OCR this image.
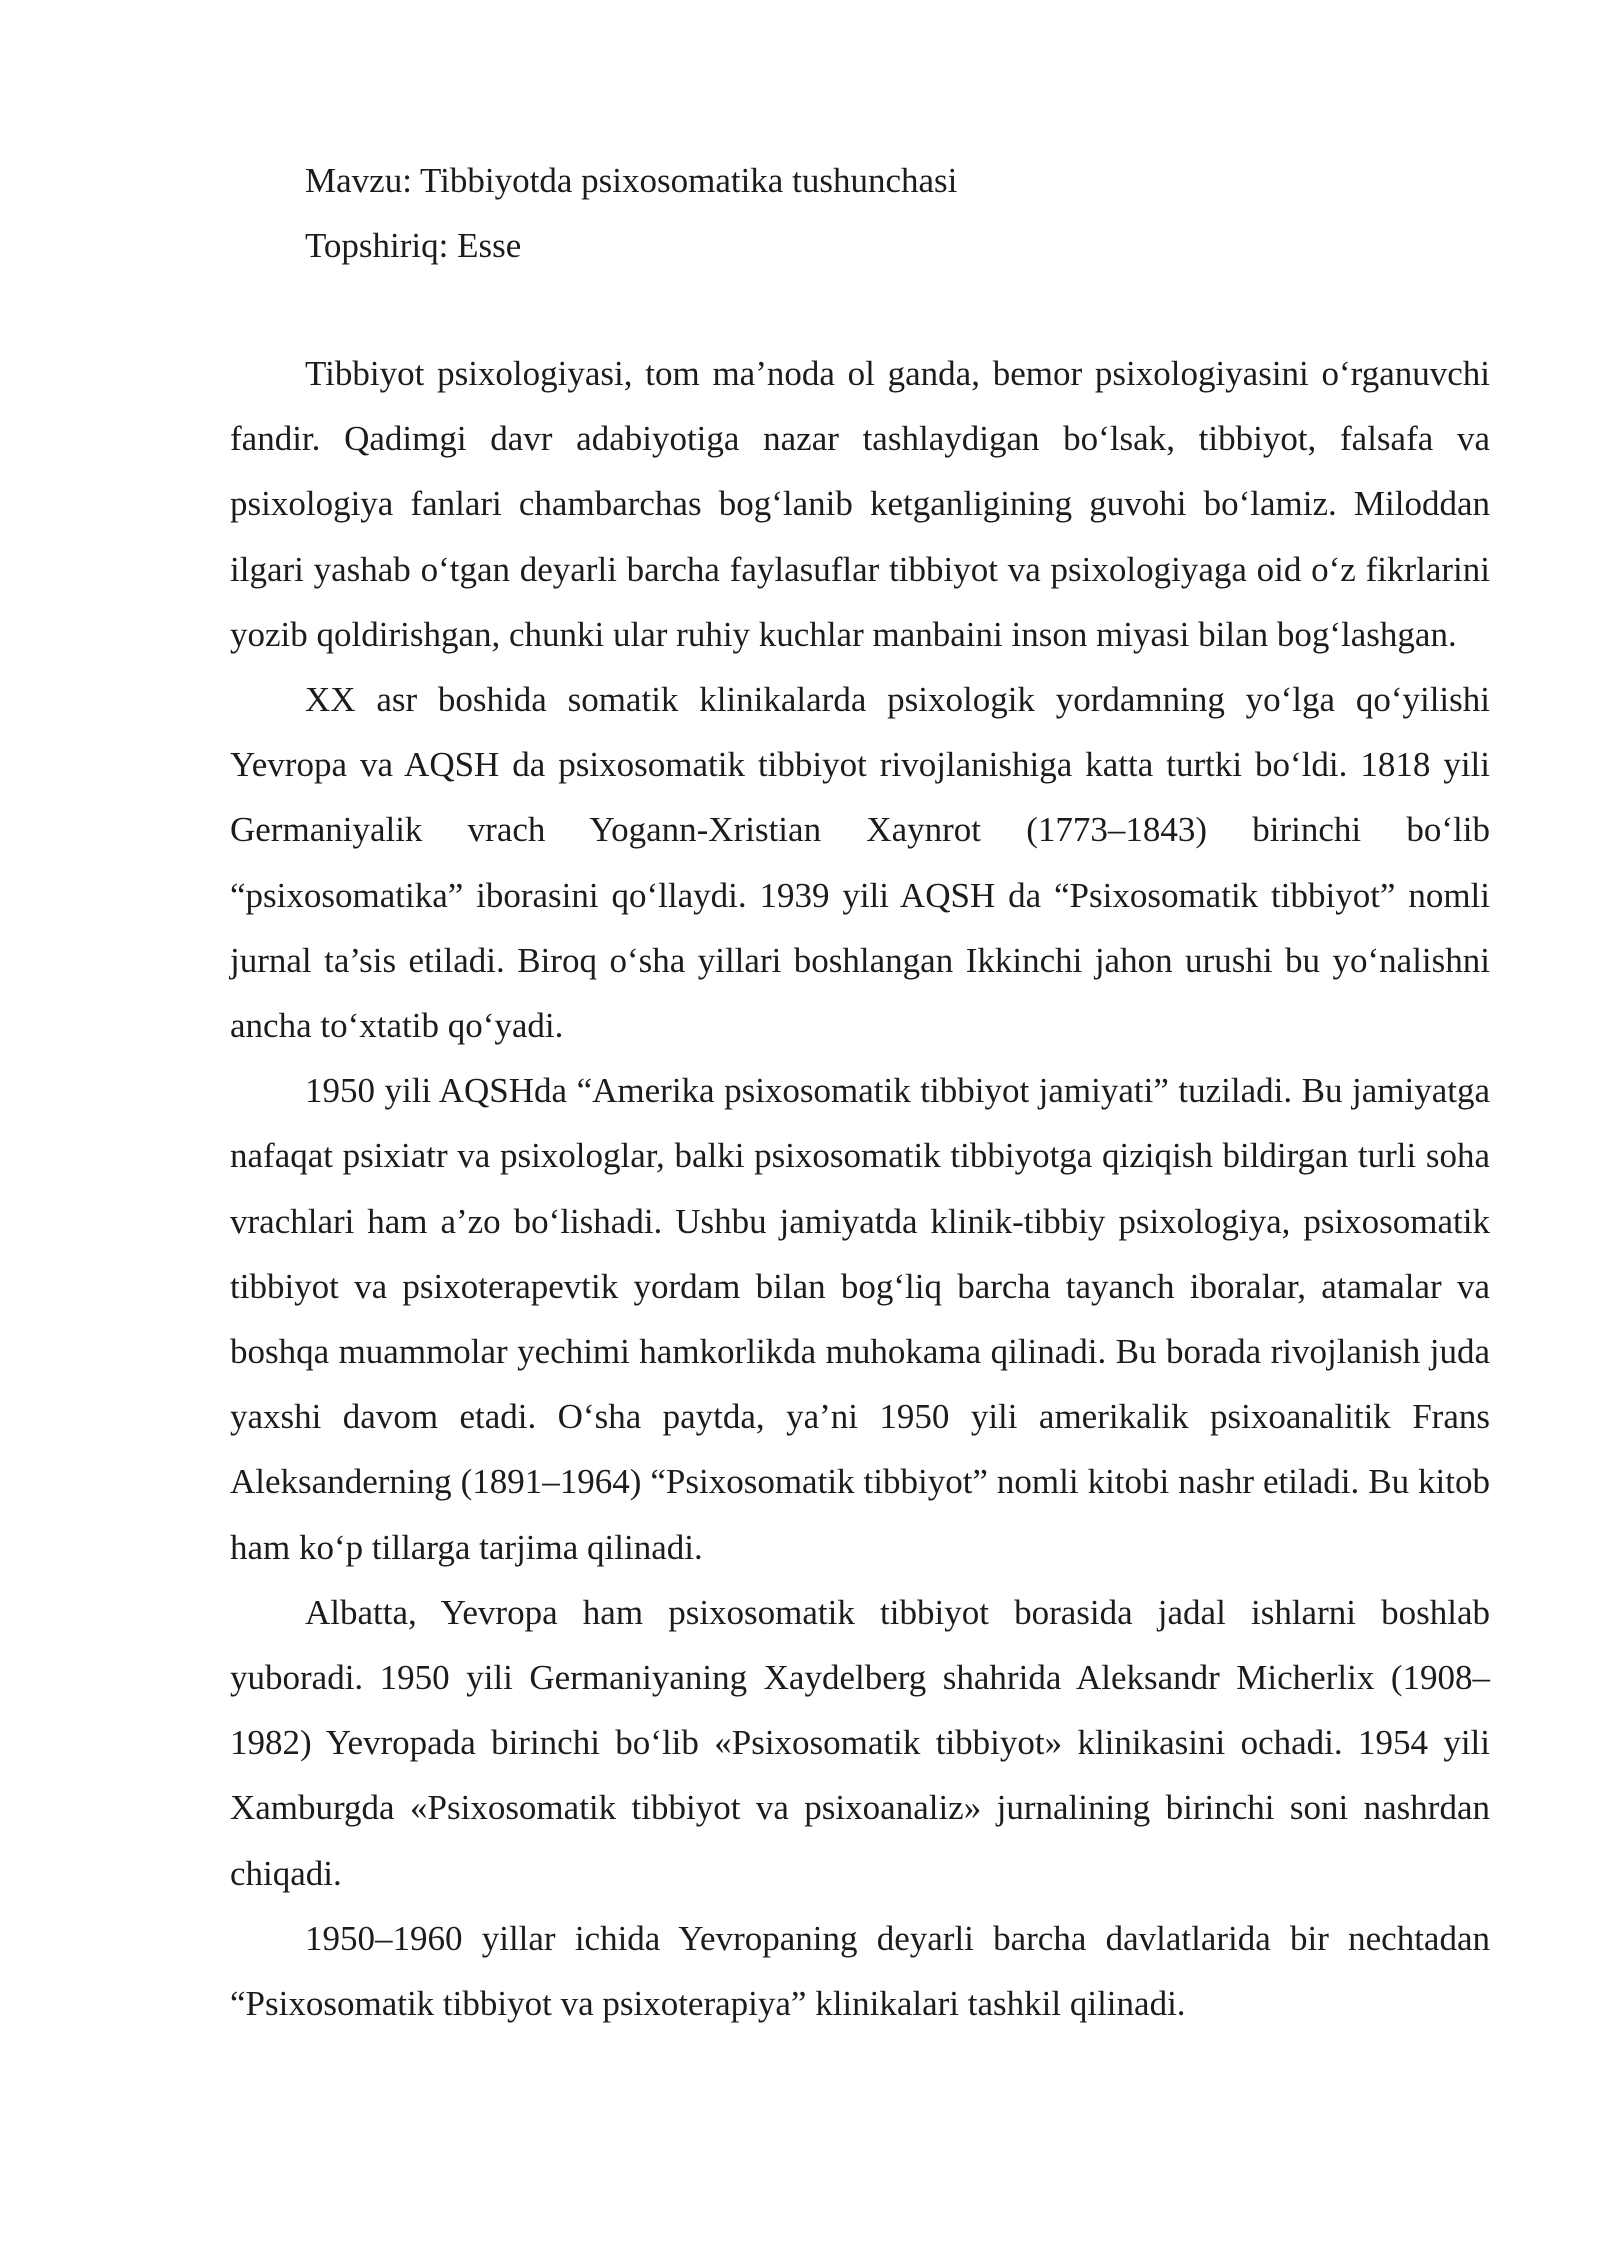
Mavzu: Tibbiyotda psixosomatika tushunchasi
Topshiriq: Esse

Tibbiyot psixologiyasi, tom ma’noda ol ganda, bemor psixologiyasini o‘rganuvchi fandir. Qadimgi davr adabiyotiga nazar tashlaydigan bo‘lsak, tibbiyot, falsafa va psixologiya fanlari chambarchas bog‘lanib ketganligining guvohi bo‘lamiz. Miloddan ilgari yashab o‘tgan deyarli barcha faylasuflar tibbiyot va psixologiyaga oid o‘z fikrlarini yozib qoldirishgan, chunki ular ruhiy kuchlar manbaini inson miyasi bilan bog‘lashgan.

XX asr boshida somatik klinikalarda psixologik yordamning yo‘lga qo‘yilishi Yevropa va AQSH da psixosomatik tibbiyot rivojlanishiga katta turtki bo‘ldi. 1818 yili Germaniyalik vrach Yogann-Xristian Xaynrot (1773–1843) birinchi bo‘lib “psixosomatika” iborasini qo‘llaydi. 1939 yili AQSH da “Psixosomatik tibbiyot” nomli jurnal ta’sis etiladi. Biroq o‘sha yillari boshlangan Ikkinchi jahon urushi bu yo‘nalishni ancha to‘xtatib qo‘yadi.

1950 yili AQSHda “Amerika psixosomatik tibbiyot jamiyati” tuziladi. Bu jamiyatga nafaqat psixiatr va psixologlar, balki psixosomatik tibbiyotga qiziqish bildirgan turli soha vrachlari ham a’zo bo‘lishadi. Ushbu jamiyatda klinik-tibbiy psixologiya, psixosomatik tibbiyot va psixoterapevtik yordam bilan bog‘liq barcha tayanch iboralar, atamalar va boshqa muammolar yechimi hamkorlikda muhokama qilinadi. Bu borada rivojlanish juda yaxshi davom etadi. O‘sha paytda, ya’ni 1950 yili amerikalik psixoanalitik Frans Aleksanderning (1891–1964) “Psixosomatik tibbiyot” nomli kitobi nashr etiladi. Bu kitob ham ko‘p tillarga tarjima qilinadi.

Albatta, Yevropa ham psixosomatik tibbiyot borasida jadal ishlarni boshlab yuboradi. 1950 yili Germaniyaning Xaydelberg shahrida Aleksandr Micherlix (1908–1982) Yevropada birinchi bo‘lib «Psixosomatik tibbiyot» klinikasini ochadi. 1954 yili Xamburgda «Psixosomatik tibbiyot va psixoanaliz» jurnalining birinchi soni nashrdan chiqadi.

1950–1960 yillar ichida Yevropaning deyarli barcha davlatlarida bir nechtadan “Psixosomatik tibbiyot va psixoterapiya” klinikalari tashkil qilinadi.
